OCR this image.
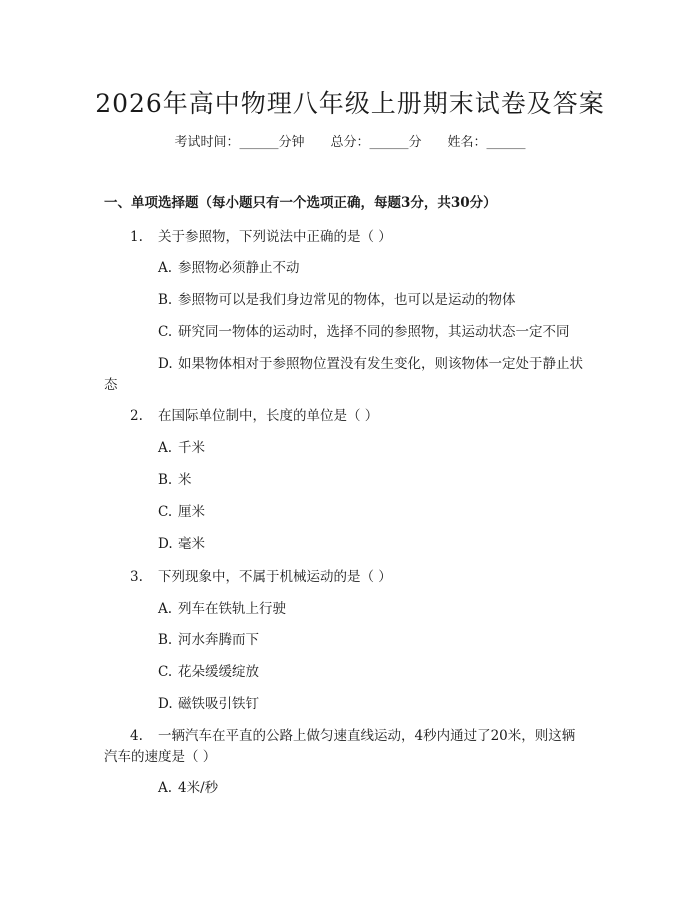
2026年高中物理八年级上册期末试卷及答案
考试时间：______分钟 总分：______分 姓名：______
一、单项选择题（每小题只有一个选项正确，每题3分，共30分）
1. 关于参照物，下列说法中正确的是（ ）
A. 参照物必须静止不动
B. 参照物可以是我们身边常见的物体，也可以是运动的物体
C. 研究同一物体的运动时，选择不同的参照物，其运动状态一定不同
D. 如果物体相对于参照物位置没有发生变化，则该物体一定处于静止状
态
2. 在国际单位制中，长度的单位是（ ）
A. 千米
B. 米
C. 厘米
D. 毫米
3. 下列现象中，不属于机械运动的是（ ）
A. 列车在铁轨上行驶
B. 河水奔腾而下
C. 花朵缓缓绽放
D. 磁铁吸引铁钉
4. 一辆汽车在平直的公路上做匀速直线运动，4秒内通过了20米，则这辆
汽车的速度是（ ）
A. 4米/秒
